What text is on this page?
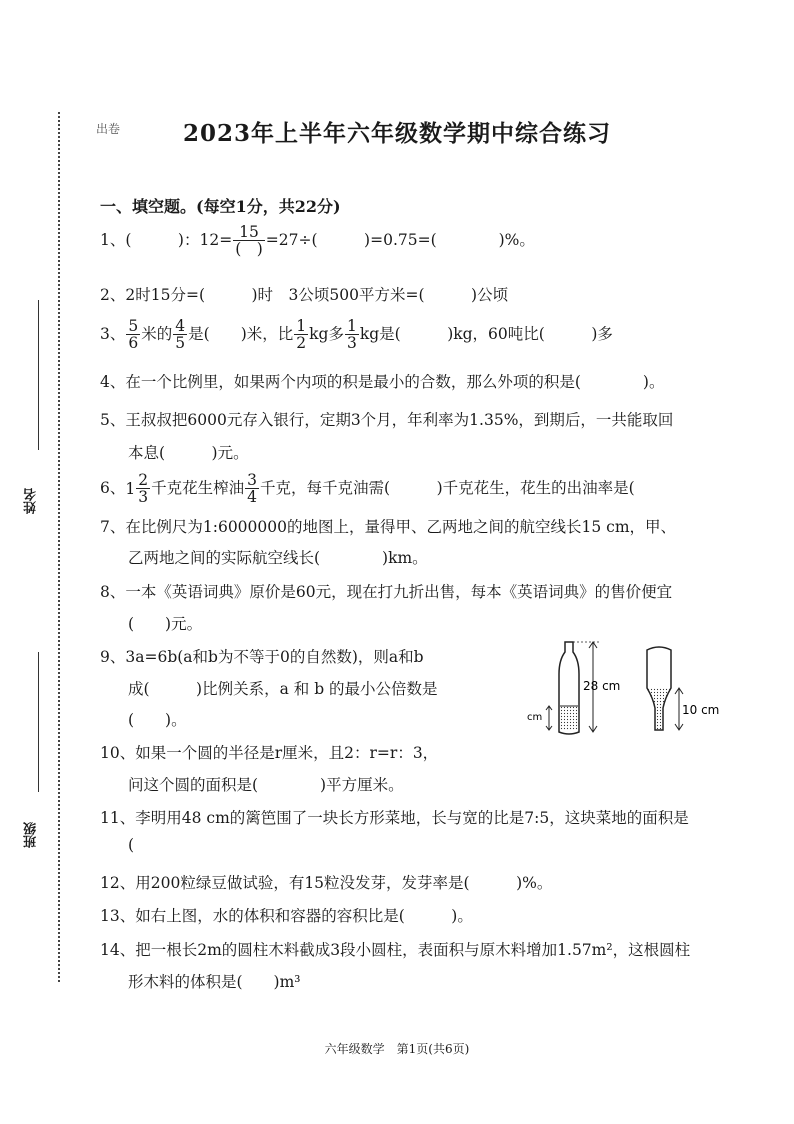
姓名
班级
出卷	2023年上半年六年级数学期中综合练习
一、填空题。(每空1分，共22分)
1、(　　　)：$12= \frac{15}{( )} =27\div$(　　　)=0.75=(　　　　)%。
2、2时15分=(　　　)时　3公顷500平方米=(　　　)公顷
3、 $\frac{5}{6}$ 米的 $\frac{4}{5}$ 是(　　)米，比 $\frac{1}{2}$ kg多 $\frac{1}{3}$ kg是(　　　)kg，60吨比(　　　)多
4、在一个比例里，如果两个内项的积是最小的合数，那么外项的积是(　　　　)。
5、王叔叔把6000元存入银行，定期3个月，年利率为1.35%，到期后，一共能取回
本息(　　　)元。
6、$1 \frac{2}{3}$ 千克花生榨油 $\frac{3}{4}$ 千克，每千克油需(　　　)千克花生，花生的出油率是(
7、在比例尺为1:6000000的地图上，量得甲、乙两地之间的航空线长15 cm，甲、
乙两地之间的实际航空线长(　　　　)km。
8、一本《英语词典》原价是60元，现在打九折出售，每本《英语词典》的售价便宜
(　　)元。
9、3a=6b(a和b为不等于0的自然数)，则a和b
成(　　　)比例关系，a 和 b 的最小公倍数是
(　　)。
28 cm
cm
10 cm
10、如果一个圆的半径是r厘米，且2：r=r：3，
问这个圆的面积是(　　　　)平方厘米。
11、李明用48 cm的篱笆围了一块长方形菜地，长与宽的比是7:5，这块菜地的面积是
(
12、用200粒绿豆做试验，有15粒没发芽，发芽率是(　　　)%。
13、如右上图，水的体积和容器的容积比是(　　　)。
14、把一根长2m的圆柱木料截成3段小圆柱，表面积与原木料增加1.57m²，这根圆柱
形木料的体积是(　　)m³
六年级数学　第1页(共6页)
